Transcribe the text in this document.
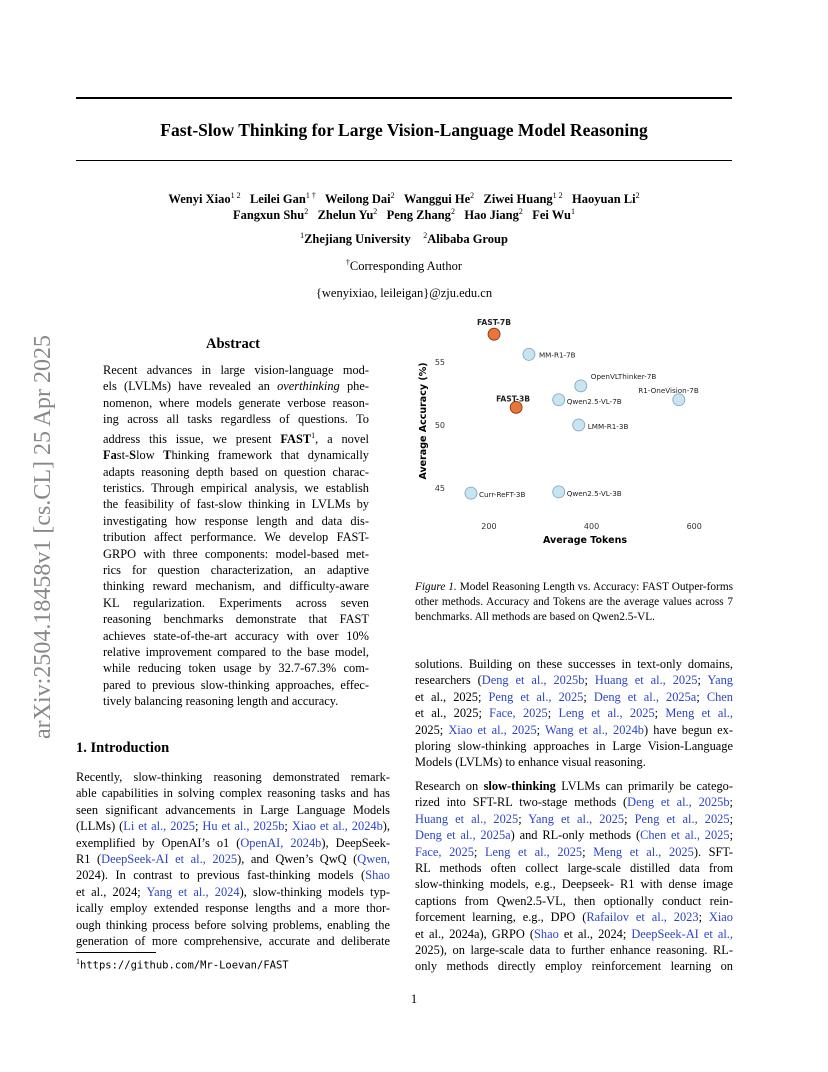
arXiv:2504.18458v1 [cs.CL] 25 Apr 2025
Fast-Slow Thinking for Large Vision-Language Model Reasoning
Wenyi Xiao$^{1 2}$ Leilei Gan$^{1 \dagger}$ Weilong Dai$^2$ Wanggui He$^2$ Ziwei Huang$^{1 2}$ Haoyuan Li$^2$
Fangxun Shu$^2$ Zhelun Yu$^2$ Peng Zhang$^2$ Hao Jiang$^2$ Fei Wu$^1$
$^1$Zhejiang University $^2$Alibaba Group
†Corresponding Author
{wenyixiao, leileigan}@zju.edu.cn
Abstract
Recent advances in large vision-language mod-
els (LVLMs) have revealed an overthinking phe-
nomenon, where models generate verbose reason-
ing across all tasks regardless of questions. To
address this issue, we present FAST$^1$, a novel
Fast-Slow Thinking framework that dynamically
adapts reasoning depth based on question charac-
teristics. Through empirical analysis, we establish
the feasibility of fast-slow thinking in LVLMs by
investigating how response length and data dis-
tribution affect performance. We develop FAST-
GRPO with three components: model-based met-
rics for question characterization, an adaptive
thinking reward mechanism, and difficulty-aware
KL regularization. Experiments across seven
reasoning benchmarks demonstrate that FAST
achieves state-of-the-art accuracy with over 10%
relative improvement compared to the base model,
while reducing token usage by 32.7-67.3% com-
pared to previous slow-thinking approaches, effec-
tively balancing reasoning length and accuracy.
1. Introduction
Recently, slow-thinking reasoning demonstrated remark-
able capabilities in solving complex reasoning tasks and has
seen significant advancements in Large Language Models
(LLMs) (Li et al., 2025; Hu et al., 2025b; Xiao et al., 2024b),
exemplified by OpenAI’s o1 (OpenAI, 2024b), DeepSeek-
R1 (DeepSeek-AI et al., 2025), and Qwen’s QwQ (Qwen,
2024). In contrast to previous fast-thinking models (Shao
et al., 2024; Yang et al., 2024), slow-thinking models typ-
ically employ extended response lengths and a more thor-
ough thinking process before solving problems, enabling the
generation of more comprehensive, accurate and deliberate
$^1$https://github.com/Mr-Loevan/FAST
200	400	600
45
50
55
Average Tokens
Average Accuracy (%)
FAST-7B
FAST-3B
MM-R1-7B
OpenVLThinker-7B
R1-OneVision-7B
Qwen2.5-VL-7B
LMM-R1-3B
Curr-ReFT-3B	Qwen2.5-VL-3B
Figure 1. Model Reasoning Length vs. Accuracy: FAST Outper-forms other methods. Accuracy and Tokens are the average values across 7 benchmarks. All methods are based on Qwen2.5-VL.
solutions. Building on these successes in text-only domains,
researchers (Deng et al., 2025b; Huang et al., 2025; Yang
et al., 2025; Peng et al., 2025; Deng et al., 2025a; Chen
et al., 2025; Face, 2025; Leng et al., 2025; Meng et al.,
2025; Xiao et al., 2025; Wang et al., 2024b) have begun ex-
ploring slow-thinking approaches in Large Vision-Language
Models (LVLMs) to enhance visual reasoning.
Research on slow-thinking LVLMs can primarily be catego-
rized into SFT-RL two-stage methods (Deng et al., 2025b;
Huang et al., 2025; Yang et al., 2025; Peng et al., 2025;
Deng et al., 2025a) and RL-only methods (Chen et al., 2025;
Face, 2025; Leng et al., 2025; Meng et al., 2025). SFT-
RL methods often collect large-scale distilled data from
slow-thinking models, e.g., Deepseek- R1 with dense image
captions from Qwen2.5-VL, then optionally conduct rein-
forcement learning, e.g., DPO (Rafailov et al., 2023; Xiao
et al., 2024a), GRPO (Shao et al., 2024; DeepSeek-AI et al.,
2025), on large-scale data to further enhance reasoning. RL-
only methods directly employ reinforcement learning on
1
